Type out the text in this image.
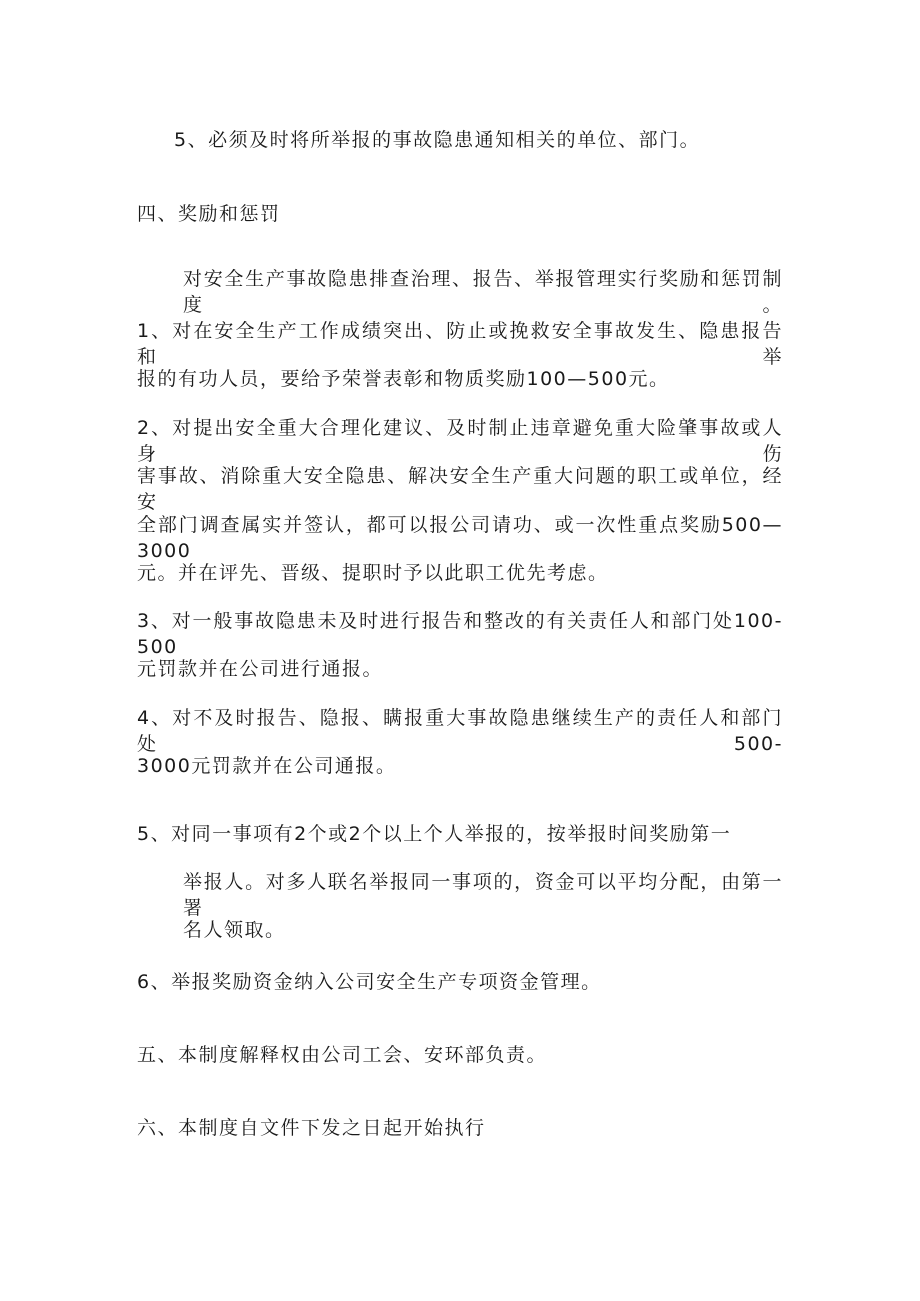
5、必须及时将所举报的事故隐患通知相关的单位、部门。
四、奖励和惩罚
对安全生产事故隐患排查治理、报告、举报管理实行奖励和惩罚制度。
1、对在安全生产工作成绩突出、防止或挽救安全事故发生、隐患报告和举
报的有功人员，要给予荣誉表彰和物质奖励100—500元。
2、对提出安全重大合理化建议、及时制止违章避免重大险肇事故或人身伤
害事故、消除重大安全隐患、解决安全生产重大问题的职工或单位，经安
全部门调查属实并签认，都可以报公司请功、或一次性重点奖励500—3000
元。并在评先、晋级、提职时予以此职工优先考虑。
3、对一般事故隐患未及时进行报告和整改的有关责任人和部门处100-500
元罚款并在公司进行通报。
4、对不及时报告、隐报、瞒报重大事故隐患继续生产的责任人和部门处500-
3000元罚款并在公司通报。
5、对同一事项有2个或2个以上个人举报的，按举报时间奖励第一
举报人。对多人联名举报同一事项的，资金可以平均分配，由第一署
名人领取。
6、举报奖励资金纳入公司安全生产专项资金管理。
五、本制度解释权由公司工会、安环部负责。
六、本制度自文件下发之日起开始执行
